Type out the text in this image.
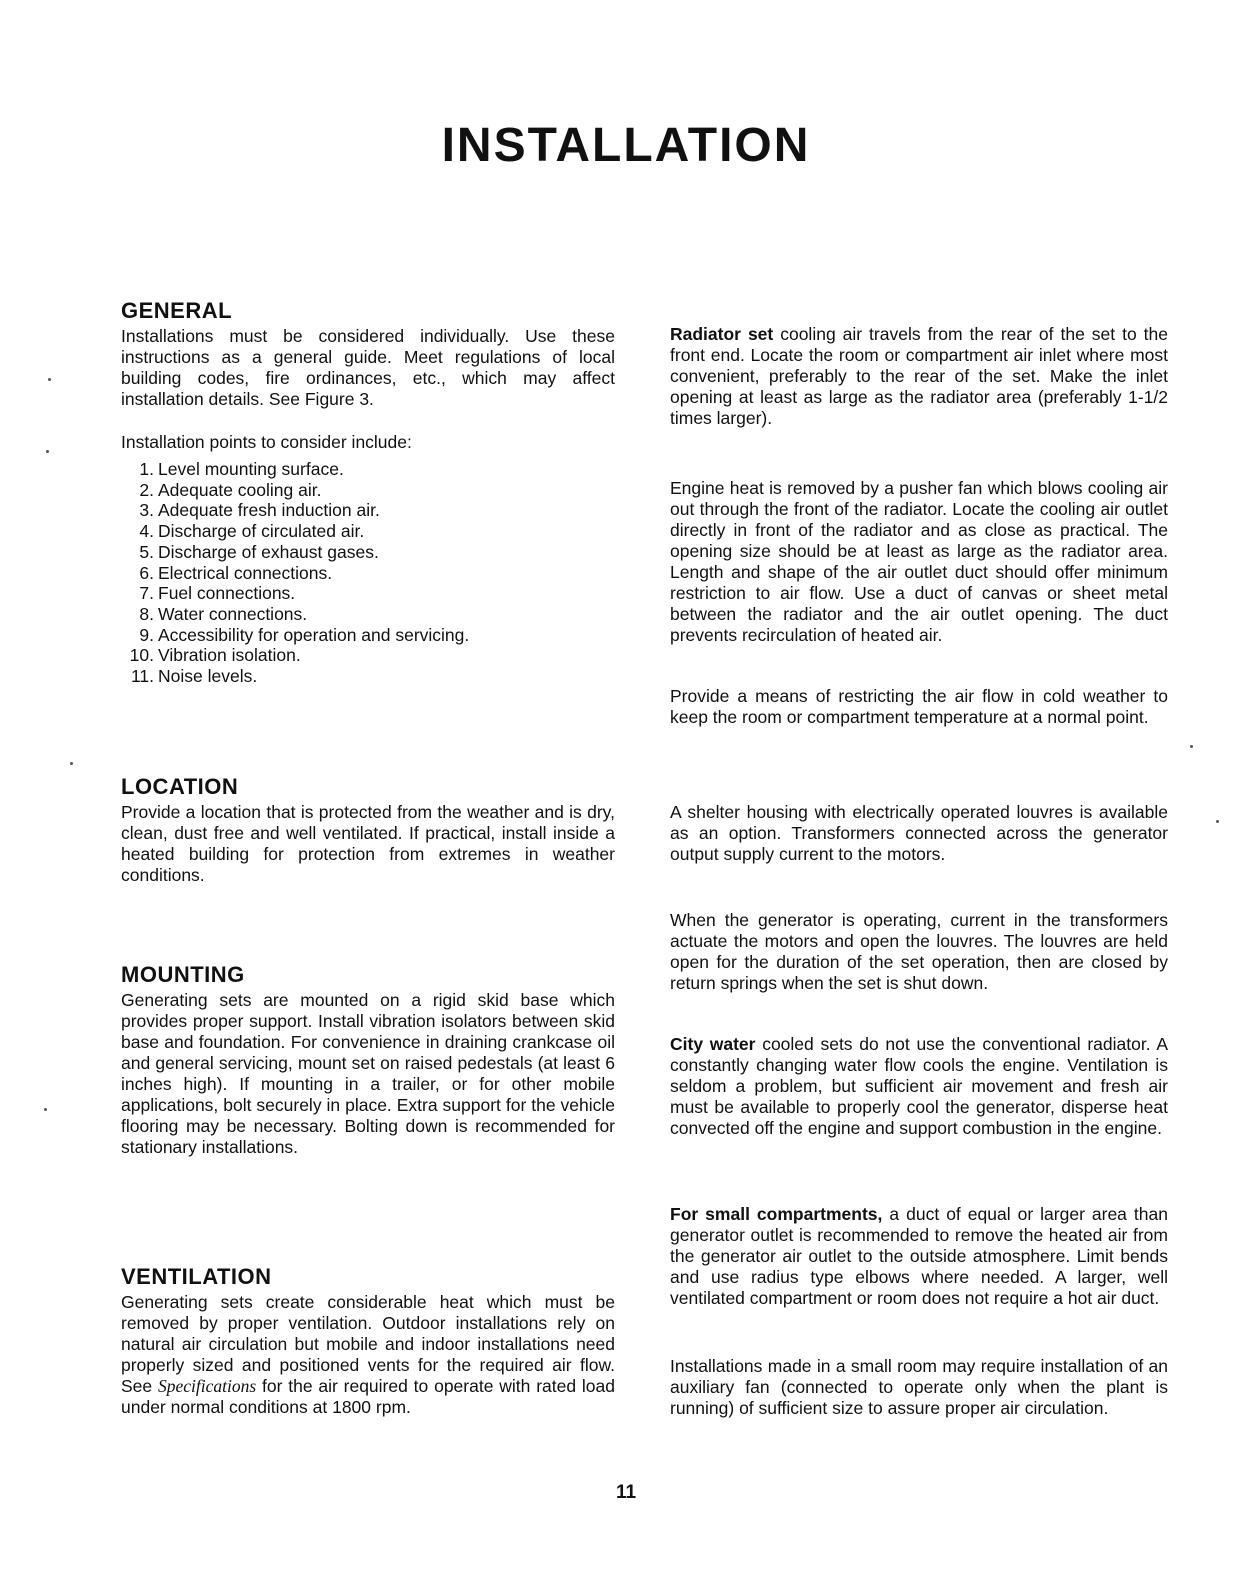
INSTALLATION
GENERAL

Installations must be considered individually. Use these instructions as a general guide. Meet regulations of local building codes, fire ordinances, etc., which may affect installation details. See Figure 3.

Installation points to consider include:

1. Level mounting surface.
2. Adequate cooling air.
3. Adequate fresh induction air.
4. Discharge of circulated air.
5. Discharge of exhaust gases.
6. Electrical connections.
7. Fuel connections.
8. Water connections.
9. Accessibility for operation and servicing.
10. Vibration isolation.
11. Noise levels.
LOCATION

Provide a location that is protected from the weather and is dry, clean, dust free and well ventilated. If practical, install inside a heated building for protection from extremes in weather conditions.

MOUNTING

Generating sets are mounted on a rigid skid base which provides proper support. Install vibration isolators between skid base and foundation. For convenience in draining crankcase oil and general servicing, mount set on raised pedestals (at least 6 inches high). If mounting in a trailer, or for other mobile applications, bolt securely in place. Extra support for the vehicle flooring may be necessary. Bolting down is recommended for stationary installations.

VENTILATION

Generating sets create considerable heat which must be removed by proper ventilation. Outdoor installations rely on natural air circulation but mobile and indoor installations need properly sized and positioned vents for the required air flow. See Specifications for the air required to operate with rated load under normal conditions at 1800 rpm.

Radiator set cooling air travels from the rear of the set to the front end. Locate the room or compartment air inlet where most convenient, preferably to the rear of the set. Make the inlet opening at least as large as the radiator area (preferably 1-1/2 times larger).

Engine heat is removed by a pusher fan which blows cooling air out through the front of the radiator. Locate the cooling air outlet directly in front of the radiator and as close as practical. The opening size should be at least as large as the radiator area. Length and shape of the air outlet duct should offer minimum restriction to air flow. Use a duct of canvas or sheet metal between the radiator and the air outlet opening. The duct prevents recirculation of heated air.

Provide a means of restricting the air flow in cold weather to keep the room or compartment temperature at a normal point.

A shelter housing with electrically operated louvres is available as an option. Transformers connected across the generator output supply current to the motors.

When the generator is operating, current in the transformers actuate the motors and open the louvres. The louvres are held open for the duration of the set operation, then are closed by return springs when the set is shut down.

City water cooled sets do not use the conventional radiator. A constantly changing water flow cools the engine. Ventilation is seldom a problem, but sufficient air movement and fresh air must be available to properly cool the generator, disperse heat convected off the engine and support combustion in the engine.

For small compartments, a duct of equal or larger area than generator outlet is recommended to remove the heated air from the generator air outlet to the outside atmosphere. Limit bends and use radius type elbows where needed. A larger, well ventilated compartment or room does not require a hot air duct.

Installations made in a small room may require installation of an auxiliary fan (connected to operate only when the plant is running) of sufficient size to assure proper air circulation.

11
